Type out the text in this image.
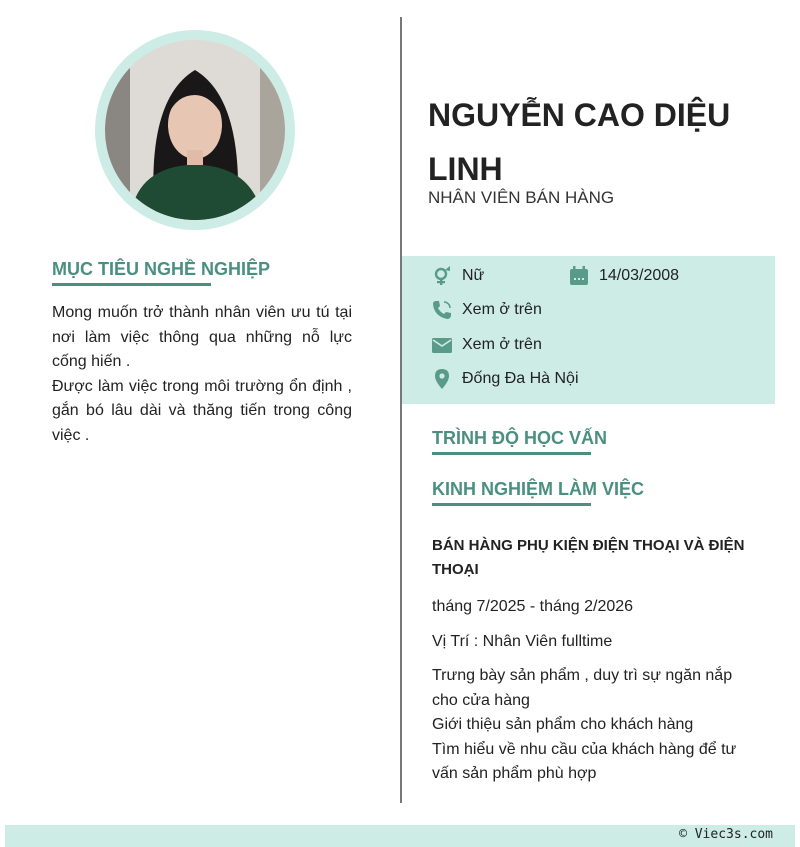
MỤC TIÊU NGHỀ NGHIỆP
Mong muốn trở thành nhân viên ưu tú tại nơi làm việc thông qua những nỗ lực cống hiến .
Được làm việc trong môi trường ổn định , gắn bó lâu dài và thăng tiến trong công việc .
NGUYỄN CAO DIỆU LINH
NHÂN VIÊN BÁN HÀNG
Nữ	14/03/2008
Xem ở trên
Xem ở trên
Đống Đa Hà Nội
TRÌNH ĐỘ HỌC VẤN
KINH NGHIỆM LÀM VIỆC
BÁN HÀNG PHỤ KIỆN ĐIỆN THOẠI VÀ ĐIỆN THOẠI
tháng 7/2025 - tháng 2/2026
Vị Trí : Nhân Viên fulltime
Trưng bày sản phẩm , duy trì sự ngăn nắp cho cửa hàng
Giới thiệu sản phẩm cho khách hàng
Tìm hiểu về nhu cầu của khách hàng để tư vấn sản phẩm phù hợp
© Viec3s.com
